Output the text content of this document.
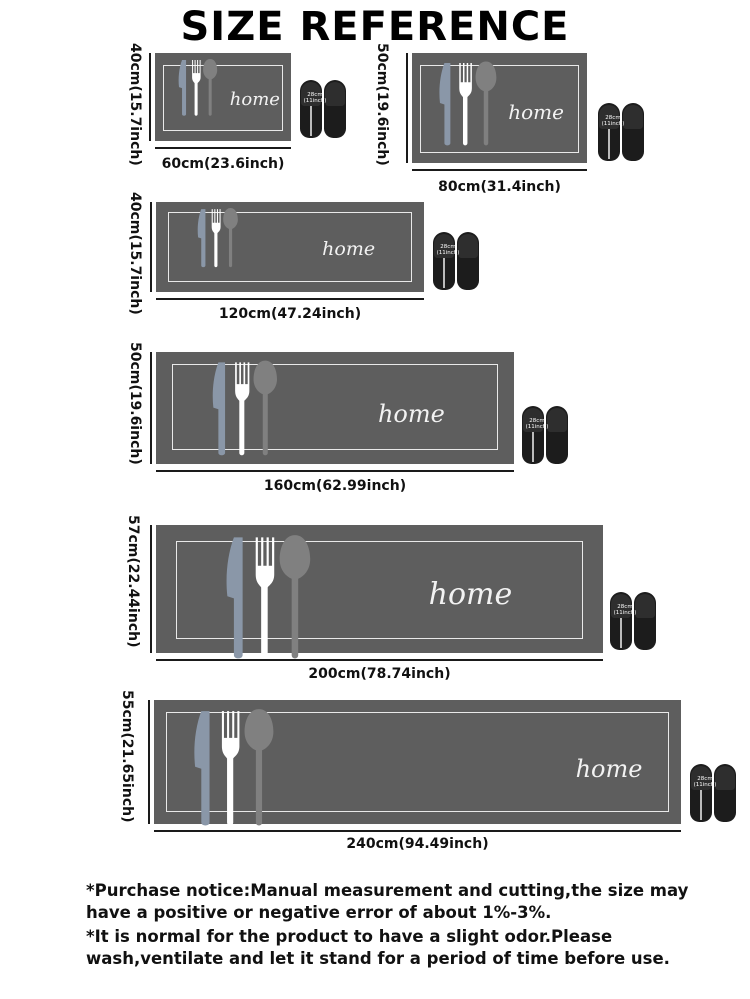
SIZE REFERENCE
home
40cm(15.7inch)	60cm(23.6inch)
28cm
(11inch)	home
50cm(19.6inch)
80cm(31.4inch)
28cm
(11inch)
home
40cm(15.7inch)	120cm(47.24inch)
28cm
(11inch)
home
50cm(19.6inch)
160cm(62.99inch)
28cm
(11inch)
home
57cm(22.44inch)
200cm(78.74inch)
28cm
(11inch)
home
55cm(21.65inch)
240cm(94.49inch)
28cm
(11inch)

*Purchase notice:Manual measurement and cutting,the size may have a positive or negative error of about 1%-3%.

*It is normal for the product to have a slight odor.Please wash,ventilate and let it stand for a period of time before use.
